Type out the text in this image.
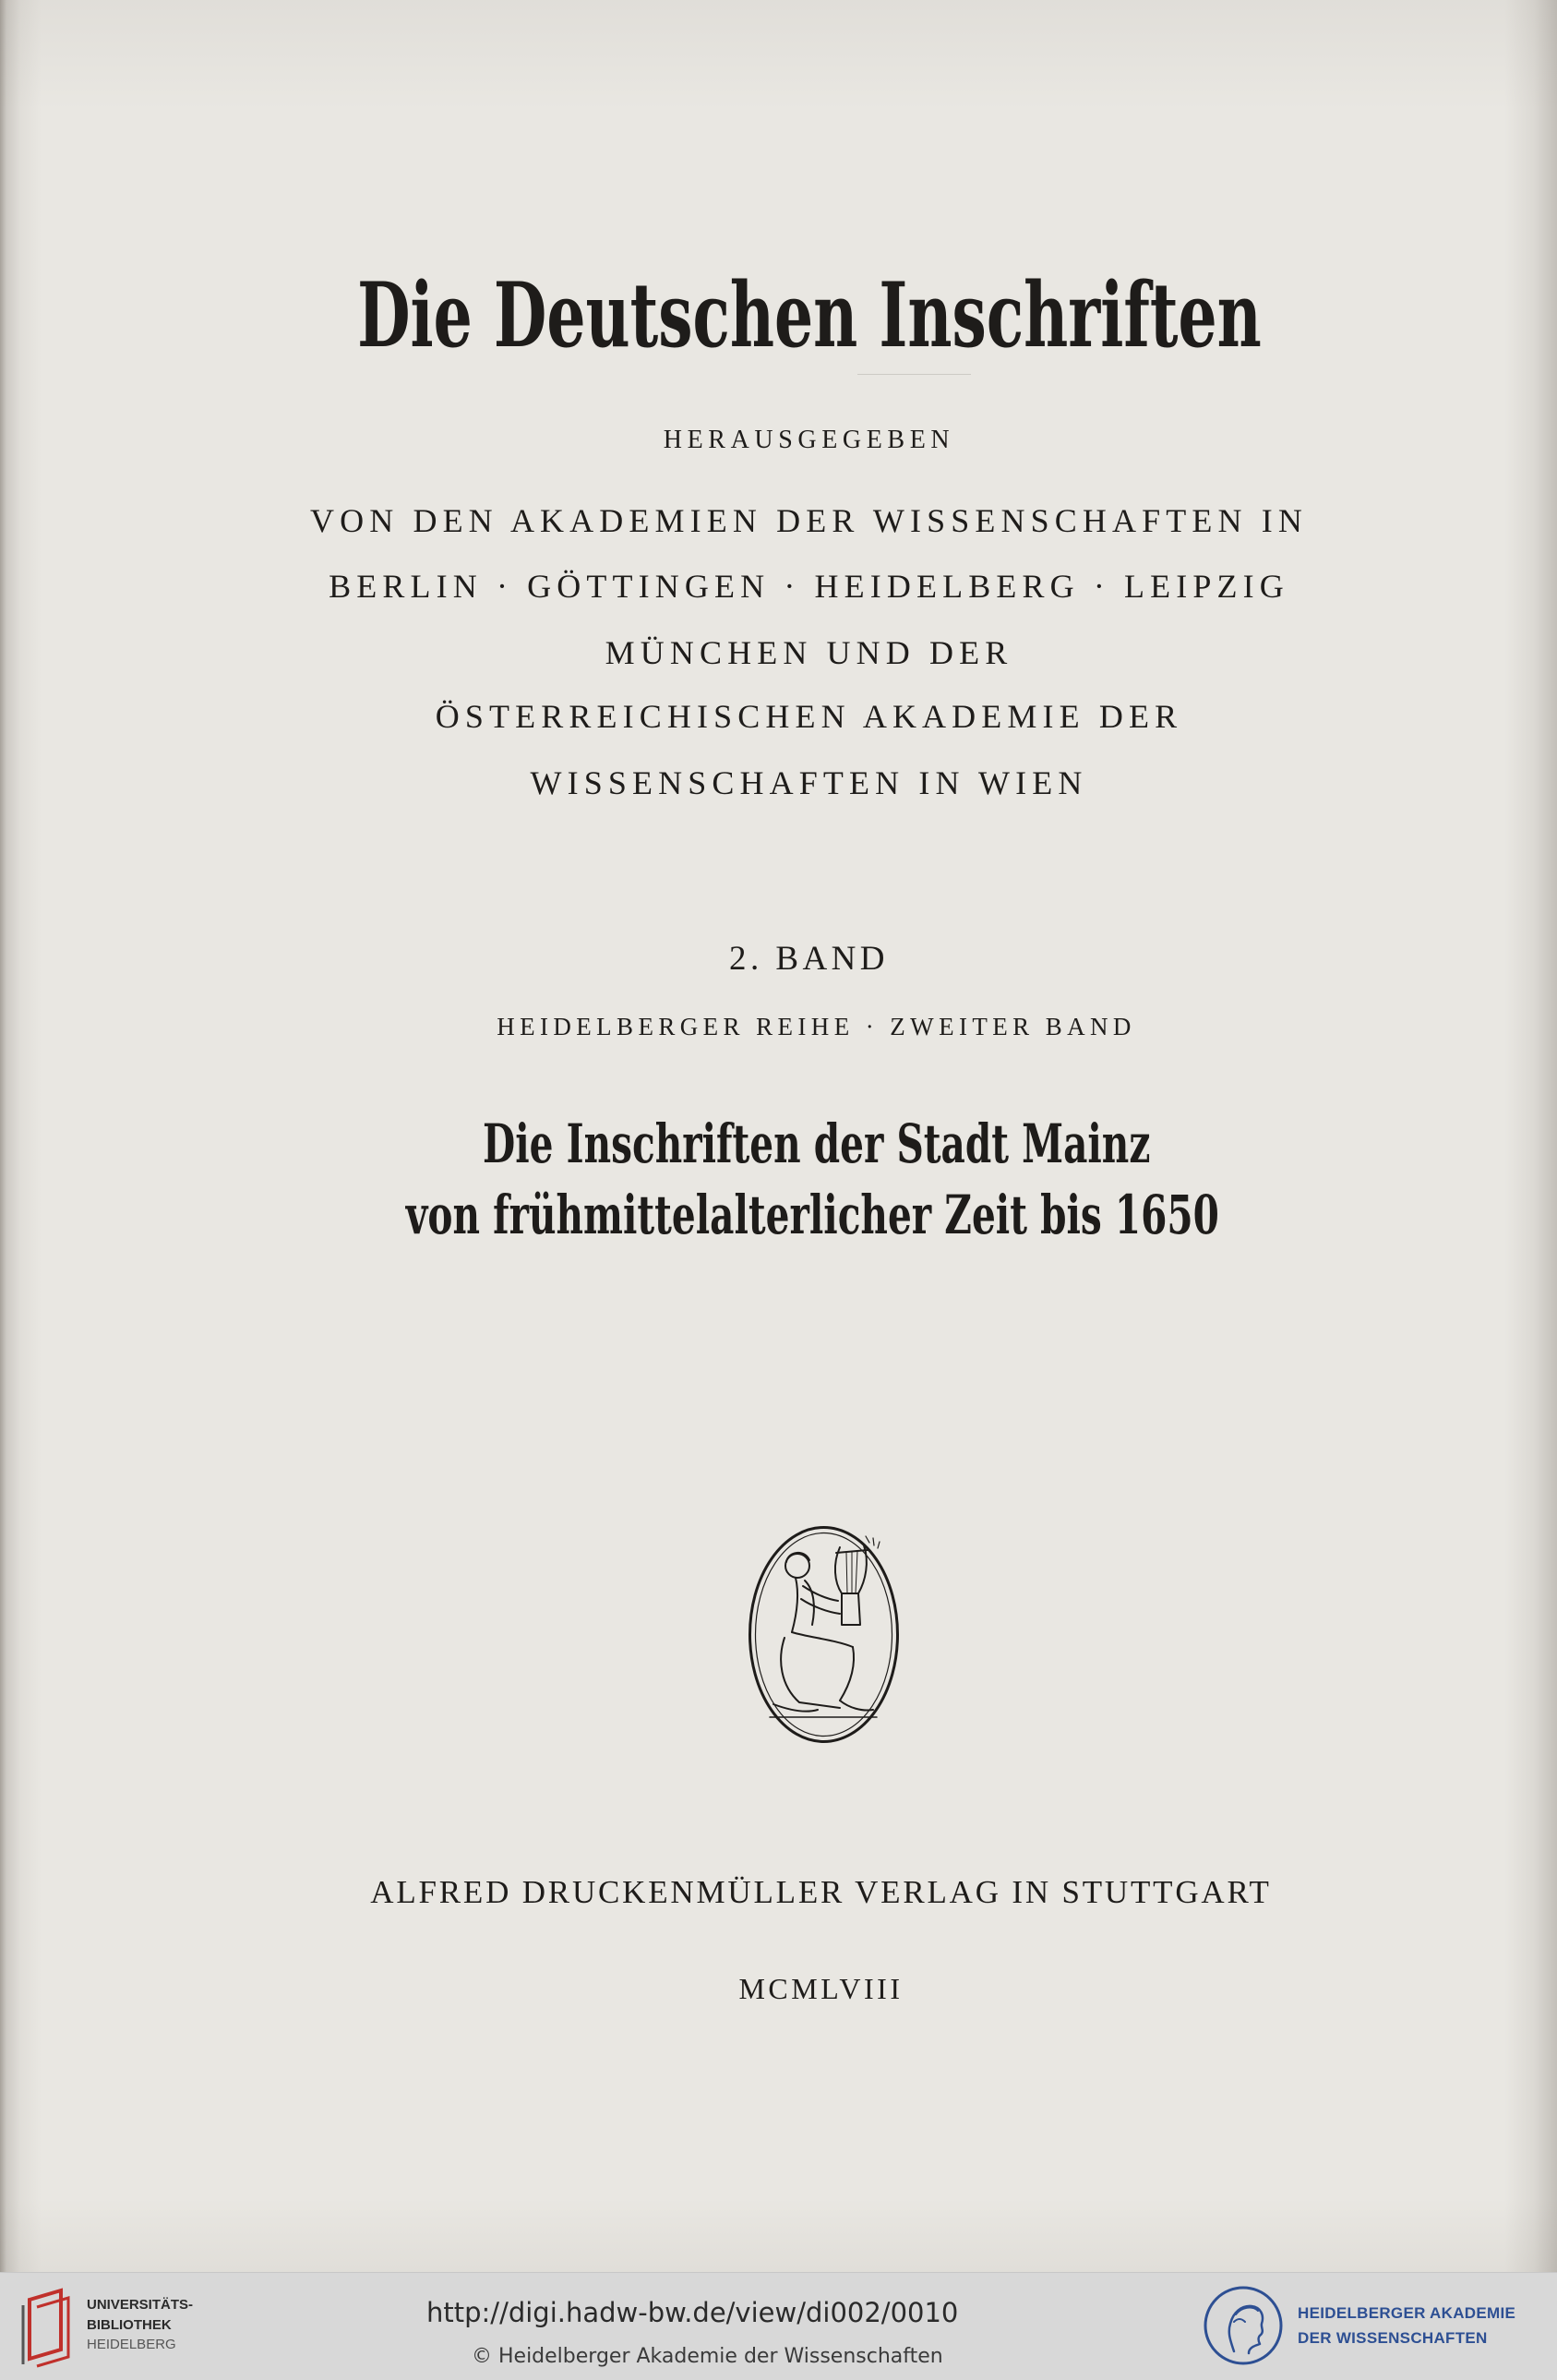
Die Deutschen Inschriften
HERAUSGEGEBEN
VON DEN AKADEMIEN DER WISSENSCHAFTEN IN
BERLIN · GÖTTINGEN · HEIDELBERG · LEIPZIG
MÜNCHEN UND DER
ÖSTERREICHISCHEN AKADEMIE DER
WISSENSCHAFTEN IN WIEN
2. BAND
HEIDELBERGER REIHE · ZWEITER BAND
Die Inschriften der Stadt Mainz
von frühmittelalterlicher Zeit bis 1650
ALFRED DRUCKENMÜLLER VERLAG IN STUTTGART
MCMLVIII
UNIVERSITÄTS-
BIBLIOTHEK
HEIDELBERG
http://digi.hadw-bw.de/view/di002/0010
© Heidelberger Akademie der Wissenschaften
HEIDELBERGER AKADEMIE
DER WISSENSCHAFTEN
